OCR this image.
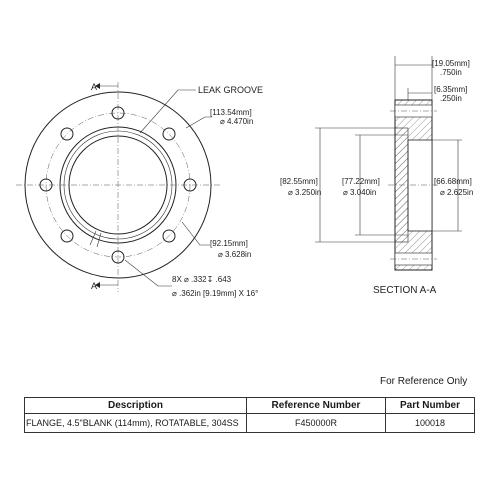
A
A
LEAK GROOVE
[113.54mm]
⌀ 4.470in
[92.15mm]
⌀ 3.628in
8X ⌀ .332↧ .643
⌀ .362in [9.19mm] X 16°
[19.05mm]
.750in
[6.35mm]
.250in
[82.55mm]
⌀ 3.250in
[77.22mm]
⌀ 3.040in
[66.68mm]
⌀ 2.625in
SECTION A-A
For Reference Only
Description	Reference Number	Part Number
FLANGE, 4.5"BLANK (114mm), ROTATABLE, 304SS	F450000R	100018
